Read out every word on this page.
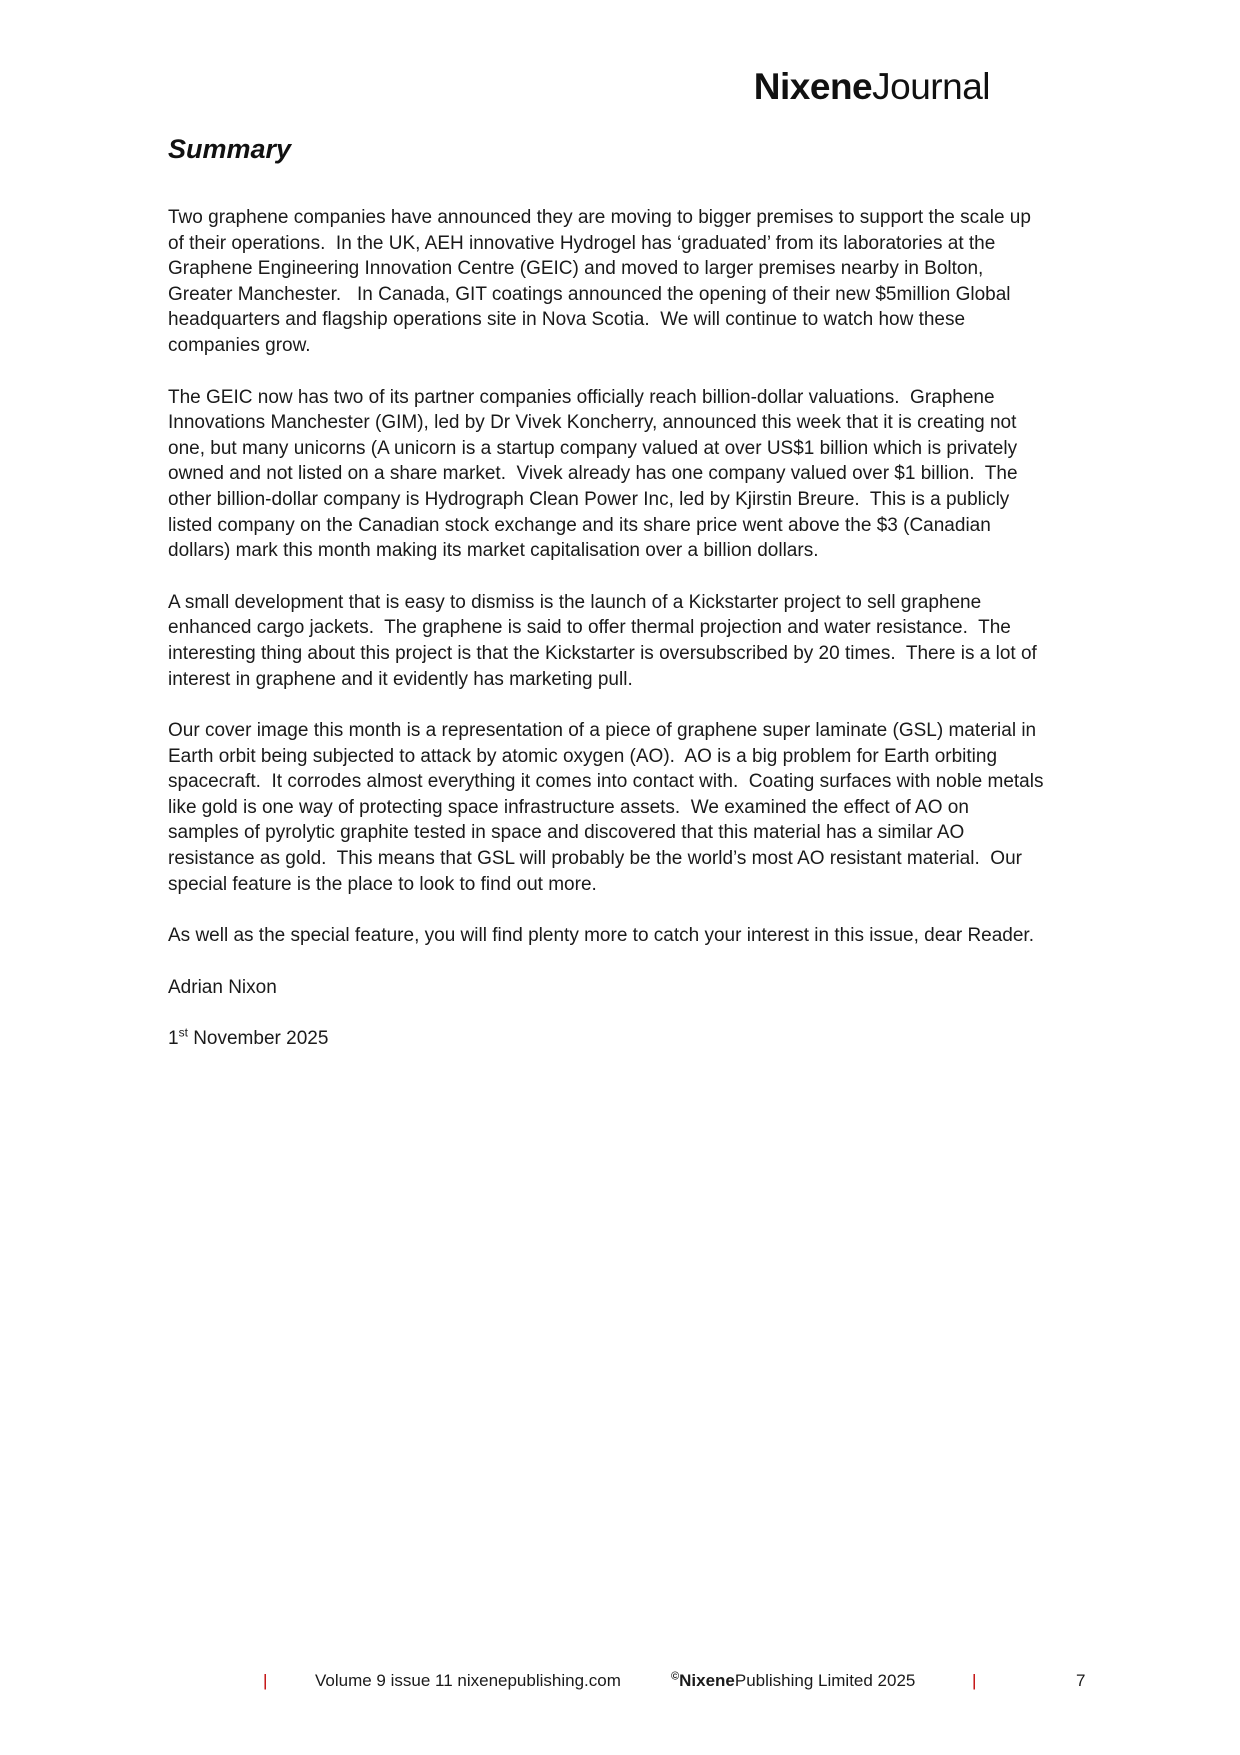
NixeneJournal
Summary

Two graphene companies have announced they are moving to bigger premises to support the scale up of their operations.  In the UK, AEH innovative Hydrogel has ‘graduated’ from its laboratories at the Graphene Engineering Innovation Centre (GEIC) and moved to larger premises nearby in Bolton, Greater Manchester.   In Canada, GIT coatings announced the opening of their new $5million Global headquarters and flagship operations site in Nova Scotia.  We will continue to watch how these companies grow.

The GEIC now has two of its partner companies officially reach billion-dollar valuations.  Graphene Innovations Manchester (GIM), led by Dr Vivek Koncherry, announced this week that it is creating not one, but many unicorns (A unicorn is a startup company valued at over US$1 billion which is privately owned and not listed on a share market.  Vivek already has one company valued over $1 billion.  The other billion-dollar company is Hydrograph Clean Power Inc, led by Kjirstin Breure.  This is a publicly listed company on the Canadian stock exchange and its share price went above the $3 (Canadian dollars) mark this month making its market capitalisation over a billion dollars.

A small development that is easy to dismiss is the launch of a Kickstarter project to sell graphene enhanced cargo jackets.  The graphene is said to offer thermal projection and water resistance.  The interesting thing about this project is that the Kickstarter is oversubscribed by 20 times.  There is a lot of interest in graphene and it evidently has marketing pull.

Our cover image this month is a representation of a piece of graphene super laminate (GSL) material in Earth orbit being subjected to attack by atomic oxygen (AO).  AO is a big problem for Earth orbiting spacecraft.  It corrodes almost everything it comes into contact with.  Coating surfaces with noble metals like gold is one way of protecting space infrastructure assets.  We examined the effect of AO on samples of pyrolytic graphite tested in space and discovered that this material has a similar AO resistance as gold.  This means that GSL will probably be the world’s most AO resistant material.  Our special feature is the place to look to find out more.

As well as the special feature, you will find plenty more to catch your interest in this issue, dear Reader.

Adrian Nixon

1st November 2025

|	Volume 9 issue 11 nixenepublishing.com	©NixenePublishing Limited 2025	|	7
